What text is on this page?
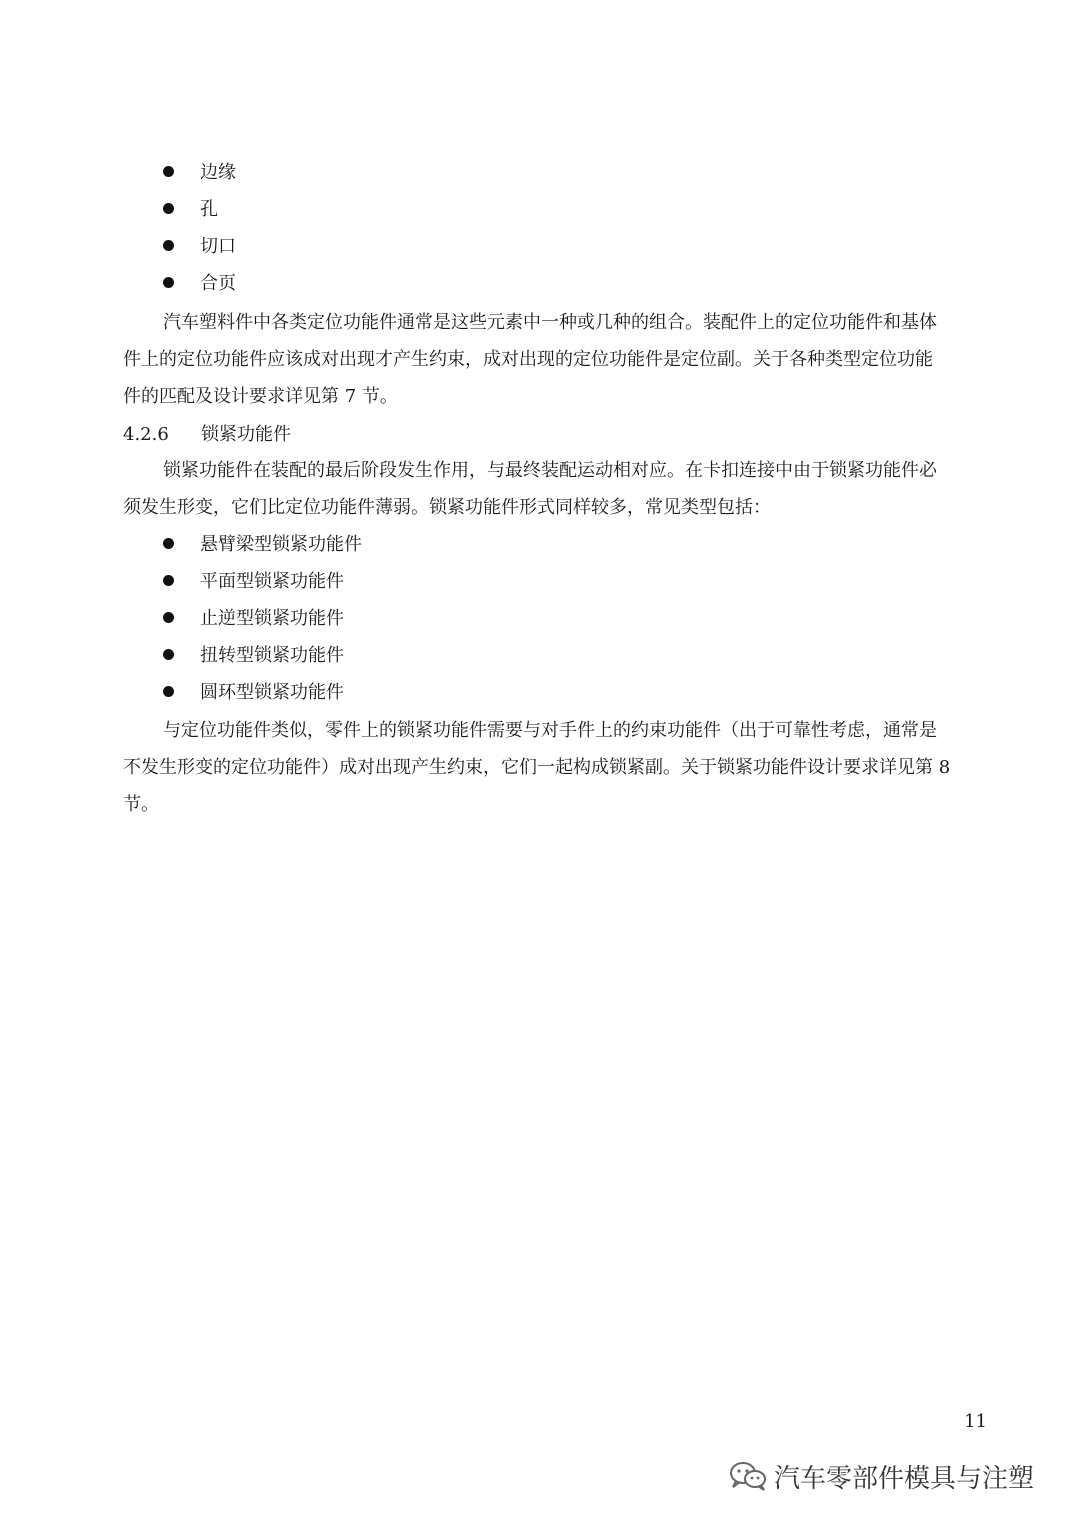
边缘
孔
切口
合页
汽车塑料件中各类定位功能件通常是这些元素中一种或几种的组合。装配件上的定位功能件和基体
件上的定位功能件应该成对出现才产生约束，成对出现的定位功能件是定位副。关于各种类型定位功能
件的匹配及设计要求详见第 7 节。
4.2.6 锁紧功能件
锁紧功能件在装配的最后阶段发生作用，与最终装配运动相对应。在卡扣连接中由于锁紧功能件必
须发生形变，它们比定位功能件薄弱。锁紧功能件形式同样较多，常见类型包括：
悬臂梁型锁紧功能件
平面型锁紧功能件
止逆型锁紧功能件
扭转型锁紧功能件
圆环型锁紧功能件
与定位功能件类似，零件上的锁紧功能件需要与对手件上的约束功能件（出于可靠性考虑，通常是
不发生形变的定位功能件）成对出现产生约束，它们一起构成锁紧副。关于锁紧功能件设计要求详见第 8
节。
11
汽车零部件模具与注塑
